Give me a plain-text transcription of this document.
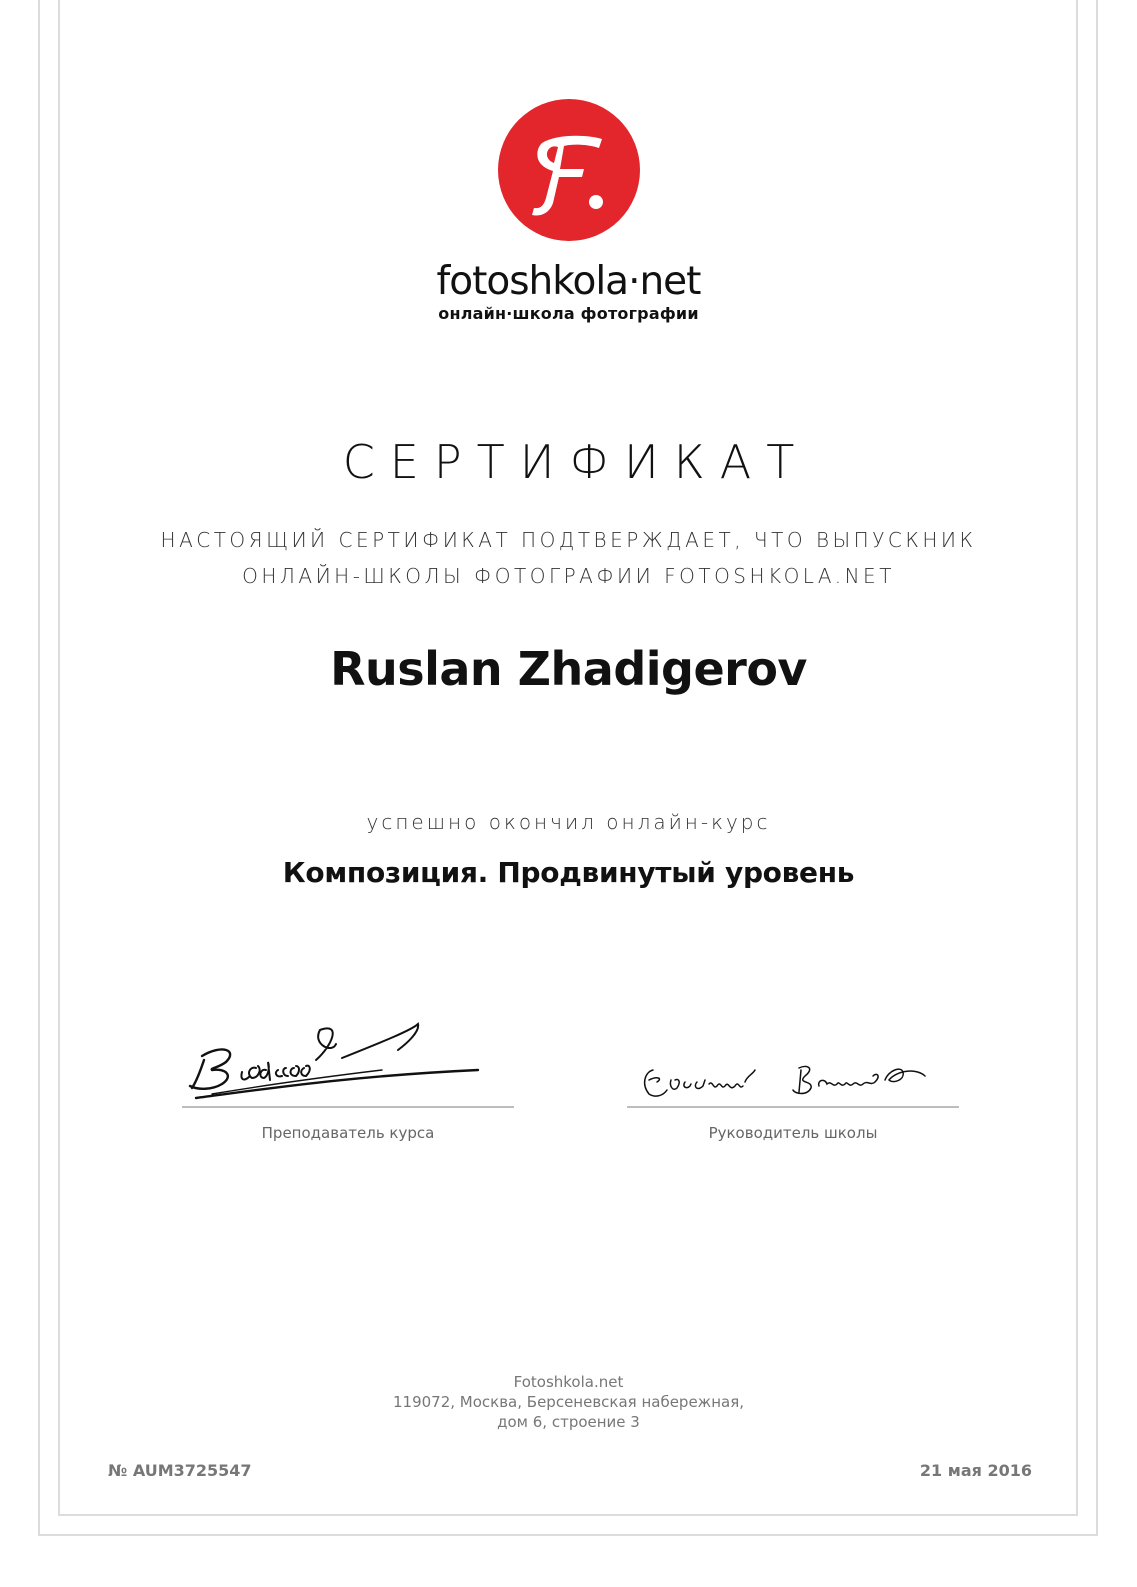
fotoshkola·net
онлайн·школа фотографии
СЕРТИФИКАТ
НАСТОЯЩИЙ СЕРТИФИКАТ ПОДТВЕРЖДАЕТ, ЧТО ВЫПУСКНИК
ОНЛАЙН-ШКОЛЫ ФОТОГРАФИИ FOTOSHKOLA.NET
Ruslan Zhadigerov
успешно окончил онлайн-курс
Композиция. Продвинутый уровень
Преподаватель курса	Руководитель школы
Fotoshkola.net
119072, Москва, Берсеневская набережная,
дом 6, строение 3
№ AUM3725547	21 мая 2016
